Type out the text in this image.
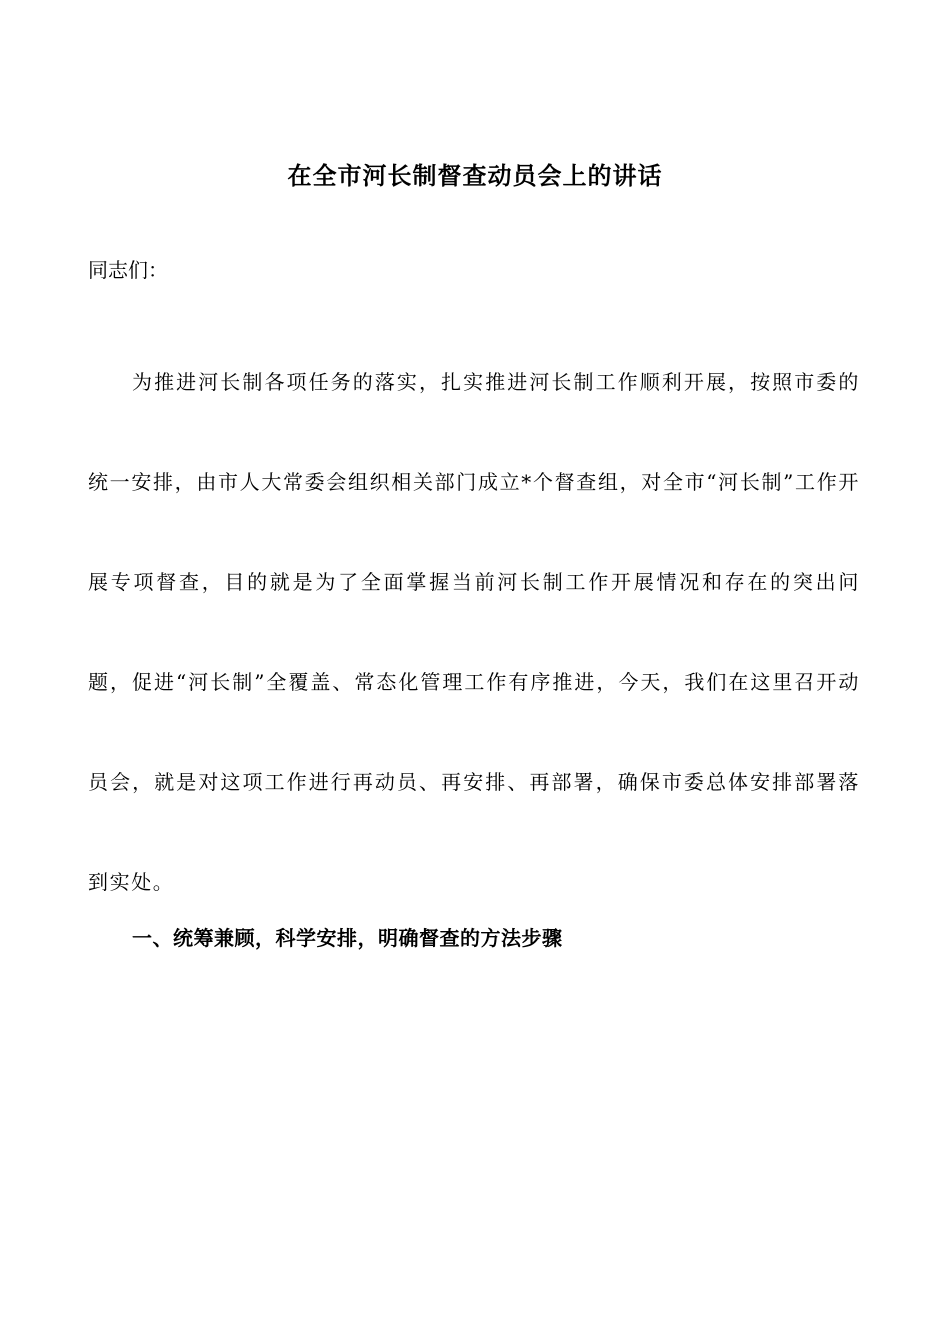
在全市河长制督查动员会上的讲话
同志们：

为推进河长制各项任务的落实，扎实推进河长制工作顺利开展，按照市委的统一安排，由市人大常委会组织相关部门成立*个督查组，对全市“河长制”工作开展专项督查，目的就是为了全面掌握当前河长制工作开展情况和存在的突出问题，促进“河长制”全覆盖、常态化管理工作有序推进，今天，我们在这里召开动员会，就是对这项工作进行再动员、再安排、再部署，确保市委总体安排部署落到实处。

一、统筹兼顾，科学安排，明确督查的方法步骤
